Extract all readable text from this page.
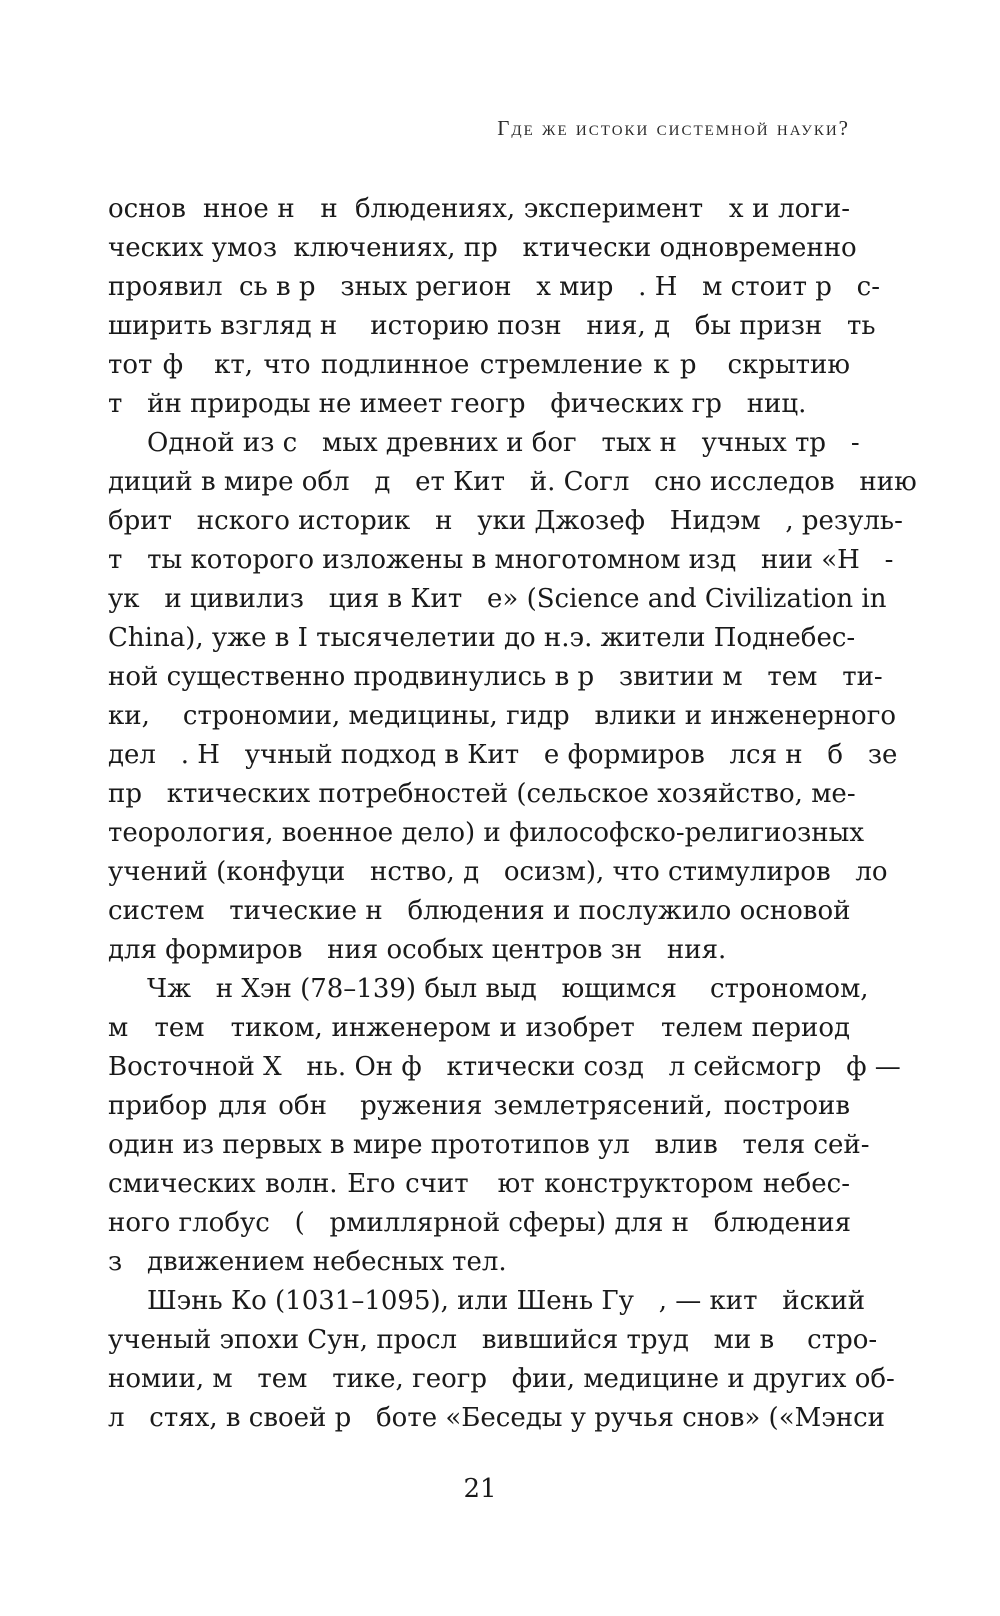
Где же истоки системной науки?
основ  нное н   н  блюдениях, эксперимент   х и логи-
ческих умоз  ключениях, пр   ктически одновременно
проявил  сь в р   зных регион   х мир   . Н   м стоит р   с-
ширить взгляд н    историю позн   ния, д   бы призн   ть
тот ф   кт, что подлинное стремление к р   скрытию
т   йн природы не имеет геогр   фических гр   ниц.
Одной из с   мых древних и бог   тых н   учных тр   -
диций в мире обл   д   ет Кит   й. Согл   сно исследов   нию
брит   нского историк   н   уки Джозеф   Нидэм   , резуль-
т   ты которого изложены в многотомном изд   нии «Н   -
ук   и цивилиз   ция в Кит   е» (Science and Civilization in
China), уже в I тысячелетии до н.э. жители Поднебес-
ной существенно продвинулись в р   звитии м   тем   ти-
ки,    строномии, медицины, гидр   влики и инженерного
дел   . Н   учный подход в Кит   е формиров   лся н   б   зе
пр   ктических потребностей (сельское хозяйство, ме-
теорология, военное дело) и философско-религиозных
учений (конфуци   нство, д   осизм), что стимулиров   ло
систем   тические н   блюдения и послужило основой
для формиров   ния особых центров зн   ния.
Чж   н Хэн (78–139) был выд   ющимся    строномом,
м   тем   тиком, инженером и изобрет   телем период
Восточной Х   нь. Он ф   ктически созд   л сейсмогр   ф —
прибор для обн   ружения землетрясений, построив
один из первых в мире прототипов ул   влив   теля сей-
смических волн. Его счит   ют конструктором небес-
ного глобус   (   рмиллярной сферы) для н   блюдения
з   движением небесных тел.
Шэнь Ко (1031–1095), или Шень Гу   , — кит   йский
ученый эпохи Сун, просл   вившийся труд   ми в    стро-
номии, м   тем   тике, геогр   фии, медицине и других об-
л   стях, в своей р   боте «Беседы у ручья снов» («Мэнси
21
